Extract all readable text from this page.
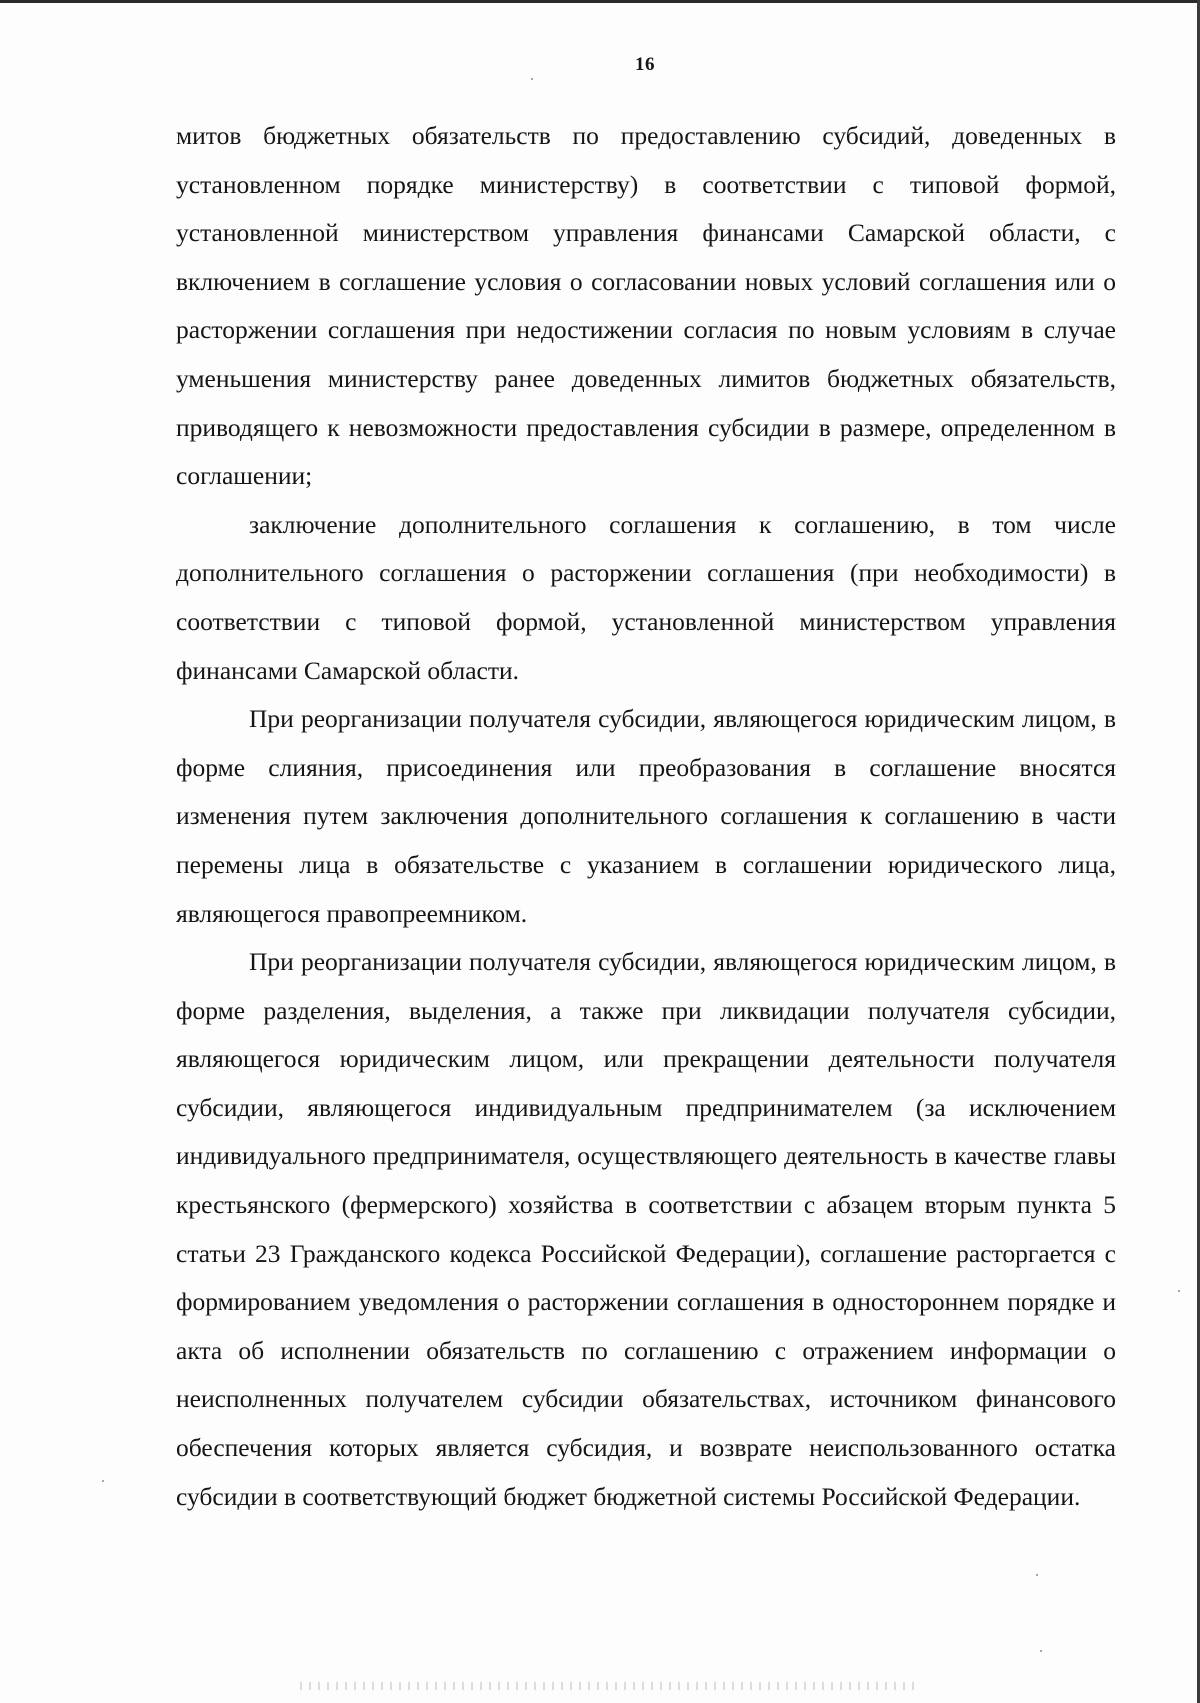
16

митов бюджетных обязательств по предоставлению субсидий, доведенных в установленном порядке министерству) в соответствии с типовой формой, установленной министерством управления финансами Самарской области, с включением в соглашение условия о согласовании новых условий соглашения или о расторжении соглашения при недостижении согласия по новым условиям в случае уменьшения министерству ранее доведенных лимитов бюджетных обязательств, приводящего к невозможности предоставления субсидии в размере, определенном в соглашении;

заключение дополнительного соглашения к соглашению, в том числе дополнительного соглашения о расторжении соглашения (при необходимости) в соответствии с типовой формой, установленной министерством управления финансами Самарской области.

При реорганизации получателя субсидии, являющегося юридическим лицом, в форме слияния, присоединения или преобразования в соглашение вносятся изменения путем заключения дополнительного соглашения к соглашению в части перемены лица в обязательстве с указанием в соглашении юридического лица, являющегося правопреемником.

При реорганизации получателя субсидии, являющегося юридическим лицом, в форме разделения, выделения, а также при ликвидации получателя субсидии, являющегося юридическим лицом, или прекращении деятельности получателя субсидии, являющегося индивидуальным предпринимателем (за исключением индивидуального предпринимателя, осуществляющего деятельность в качестве главы крестьянского (фермерского) хозяйства в соответствии с абзацем вторым пункта 5 статьи 23 Гражданского кодекса Российской Федерации), соглашение расторгается с формированием уведомления о расторжении соглашения в одностороннем порядке и акта об исполнении обязательств по соглашению с отражением информации о неисполненных получателем субсидии обязательствах, источником финансового обеспечения которых является субсидия, и возврате неиспользованного остатка субсидии в соответствующий бюджет бюджетной системы Российской Федерации.
